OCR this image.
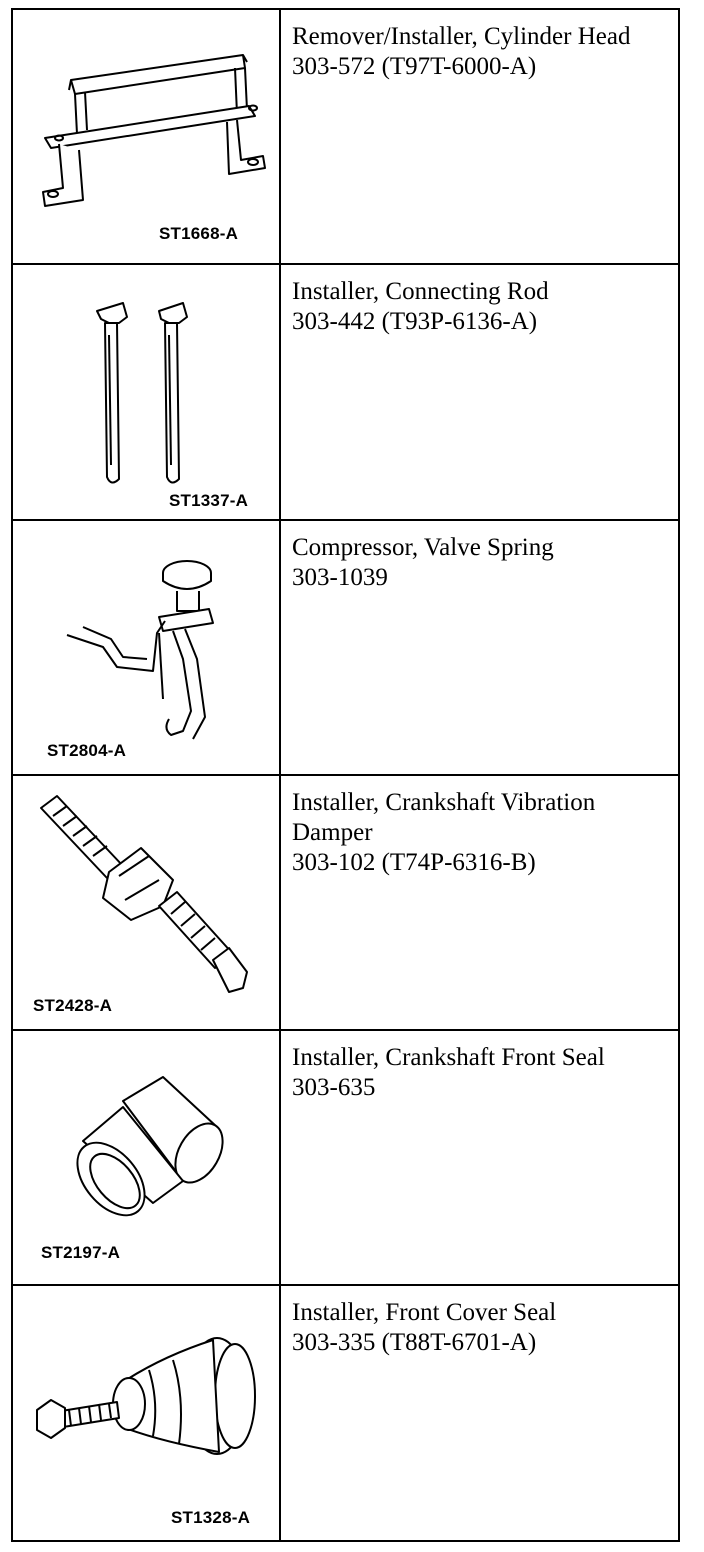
ST1668-A	Remover/Installer, Cylinder Head
303-572 (T97T-6000-A)

ST1337-A	Installer, Connecting Rod
303-442 (T93P-6136-A)

ST2804-A	Compressor, Valve Spring
303-1039

ST2428-A	Installer, Crankshaft Vibration Damper
303-102 (T74P-6316-B)

ST2197-A	Installer, Crankshaft Front Seal
303-635

ST1328-A	Installer, Front Cover Seal
303-335 (T88T-6701-A)
